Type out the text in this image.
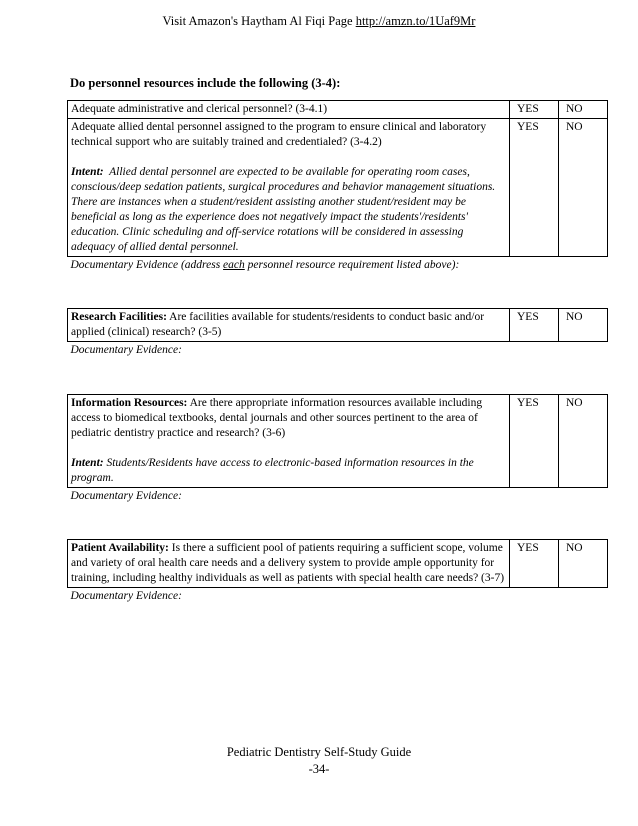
Visit Amazon's Haytham Al Fiqi Page http://amzn.to/1Uaf9Mr
Do personnel resources include the following (3-4):
Adequate administrative and clerical personnel? (3-4.1)	YES	NO
Adequate allied dental personnel assigned to the program to ensure clinical and laboratory technical support who are suitably trained and credentialed? (3-4.2)
Intent: Allied dental personnel are expected to be available for operating room cases, conscious/deep sedation patients, surgical procedures and behavior management situations. There are instances when a student/resident assisting another student/resident may be beneficial as long as the experience does not negatively impact the students'/residents' education. Clinic scheduling and off-service rotations will be considered in assessing adequacy of allied dental personnel.	YES	NO
Documentary Evidence (address each personnel resource requirement listed above):		
Research Facilities: Are facilities available for students/residents to conduct basic and/or applied (clinical) research? (3-5)	YES	NO
Documentary Evidence:
Information Resources: Are there appropriate information resources available including access to biomedical textbooks, dental journals and other sources pertinent to the area of pediatric dentistry practice and research? (3-6)
Intent: Students/Residents have access to electronic-based information resources in the program.	YES	NO
Documentary Evidence:
Patient Availability: Is there a sufficient pool of patients requiring a sufficient scope, volume and variety of oral health care needs and a delivery system to provide ample opportunity for training, including healthy individuals as well as patients with special health care needs? (3-7)	YES	NO
Documentary Evidence:
Pediatric Dentistry Self-Study Guide
-34-
